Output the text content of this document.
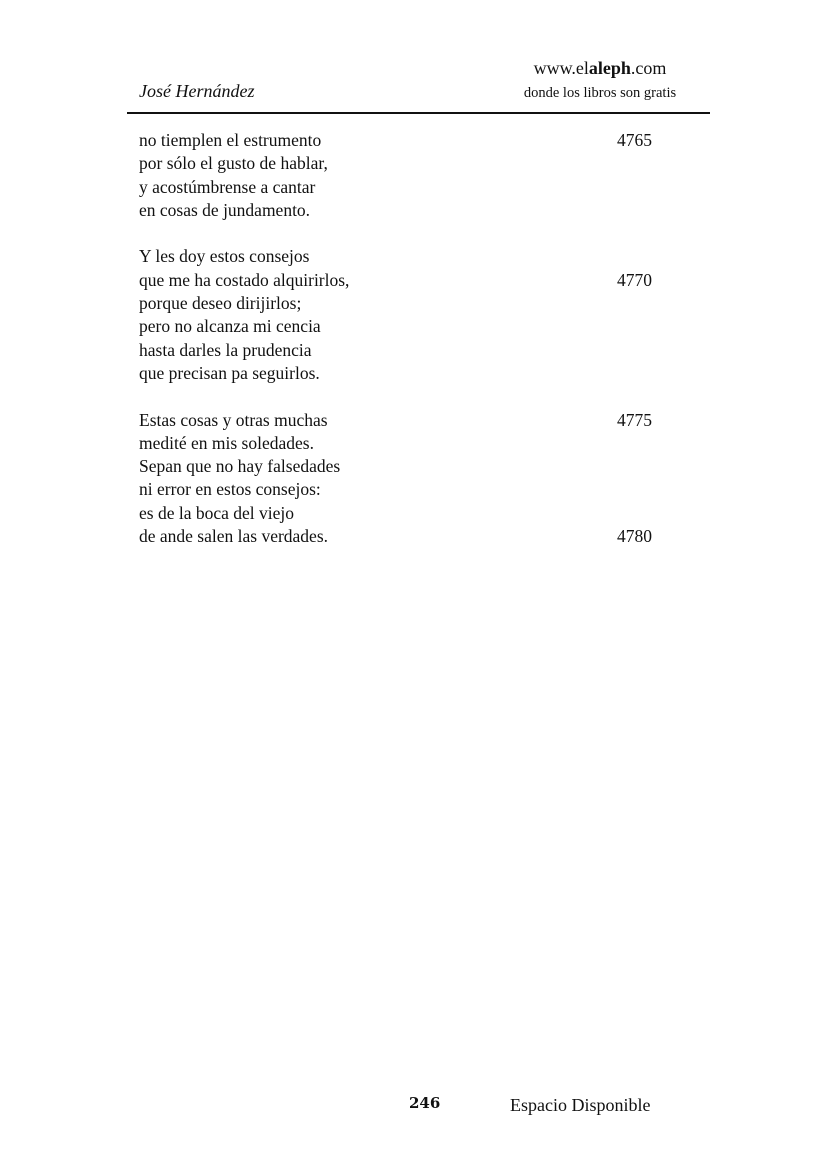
José Hernández
www.elaleph.com
donde los libros son gratis
no tiemplen el estrumento	4765
por sólo el gusto de hablar,
y acostúmbrense a cantar
en cosas de jundamento.
Y les doy estos consejos
que me ha costado alquirirlos,	4770
porque deseo dirijirlos;
pero no alcanza mi cencia
hasta darles la prudencia
que precisan pa seguirlos.
Estas cosas y otras muchas	4775
medité en mis soledades.
Sepan que no hay falsedades
ni error en estos consejos:
es de la boca del viejo
de ande salen las verdades.	4780
246	Espacio Disponible
